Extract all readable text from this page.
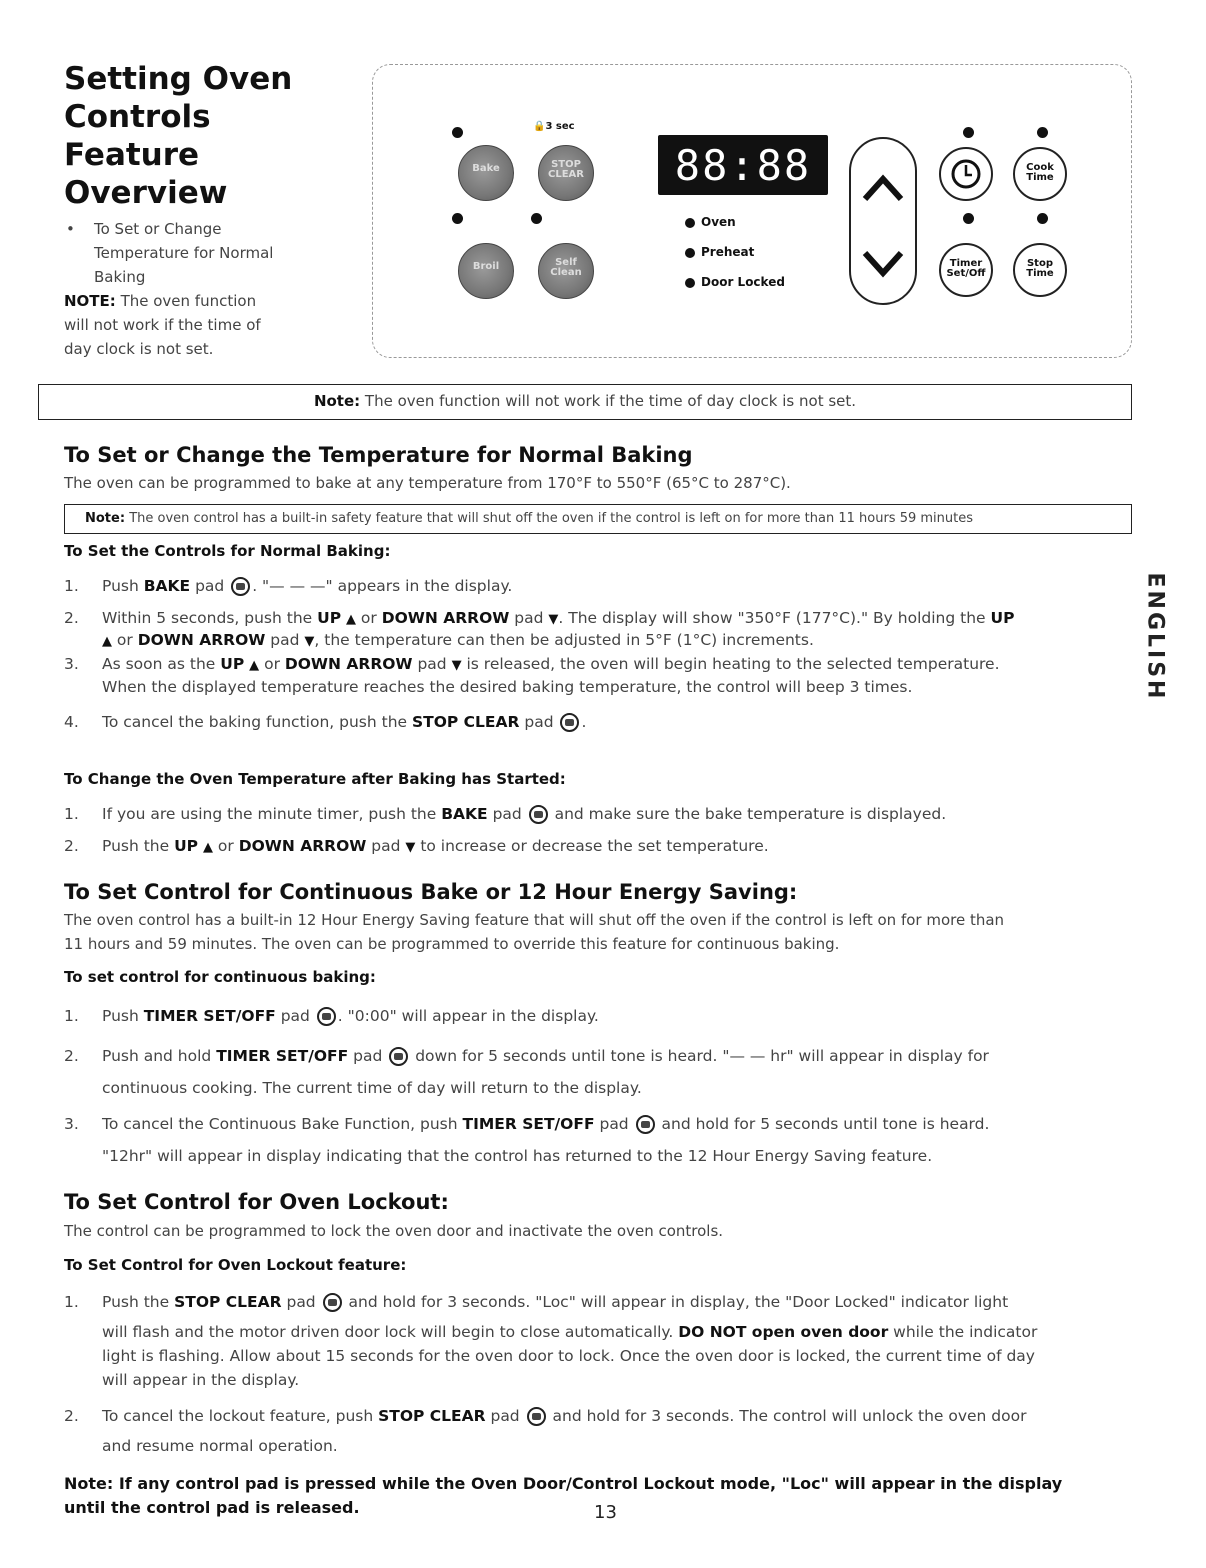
Setting Oven
Controls
Feature
Overview
• To Set or Change
Temperature for Normal
Baking
NOTE: The oven function
will not work if the time of
day clock is not set.
🔒3 sec
Bake	STOP CLEAR
Broil	Self Clean
88:88
Oven
Preheat
Door Locked
Cook Time
Timer Set/Off
Stop Time
Note: The oven function will not work if the time of day clock is not set.
To Set or Change the Temperature for Normal Baking
The oven can be programmed to bake at any temperature from 170°F to 550°F (65°C to 287°C).
Note: The oven control has a built-in safety feature that will shut off the oven if the control is left on for more than 11 hours 59 minutes
To Set the Controls for Normal Baking:
1. Push BAKE pad . "— — —" appears in the display.
2. Within 5 seconds, push the UP ▲ or DOWN ARROW pad ▼. The display will show "350°F (177°C)." By holding the UP
▲ or DOWN ARROW pad ▼, the temperature can then be adjusted in 5°F (1°C) increments.
3. As soon as the UP ▲ or DOWN ARROW pad ▼ is released, the oven will begin heating to the selected temperature.
When the displayed temperature reaches the desired baking temperature, the control will beep 3 times.
4. To cancel the baking function, push the STOP CLEAR pad .
To Change the Oven Temperature after Baking has Started:
1. If you are using the minute timer, push the BAKE pad  and make sure the bake temperature is displayed.
2. Push the UP ▲ or DOWN ARROW pad ▼ to increase or decrease the set temperature.
To Set Control for Continuous Bake or 12 Hour Energy Saving:
The oven control has a built-in 12 Hour Energy Saving feature that will shut off the oven if the control is left on for more than
11 hours and 59 minutes. The oven can be programmed to override this feature for continuous baking.
To set control for continuous baking:
1. Push TIMER SET/OFF pad . "0:00" will appear in the display.
2. Push and hold TIMER SET/OFF pad  down for 5 seconds until tone is heard. "— — hr" will appear in display for
continuous cooking. The current time of day will return to the display.
3. To cancel the Continuous Bake Function, push TIMER SET/OFF pad  and hold for 5 seconds until tone is heard.
"12hr" will appear in display indicating that the control has returned to the 12 Hour Energy Saving feature.
To Set Control for Oven Lockout:
The control can be programmed to lock the oven door and inactivate the oven controls.
To Set Control for Oven Lockout feature:
1. Push the STOP CLEAR pad  and hold for 3 seconds. "Loc" will appear in display, the "Door Locked" indicator light
will flash and the motor driven door lock will begin to close automatically. DO NOT open oven door while the indicator
light is flashing. Allow about 15 seconds for the oven door to lock. Once the oven door is locked, the current time of day
will appear in the display.
2. To cancel the lockout feature, push STOP CLEAR pad  and hold for 3 seconds. The control will unlock the oven door
and resume normal operation.
Note: If any control pad is pressed while the Oven Door/Control Lockout mode, "Loc" will appear in the display
until the control pad is released.	13
ENGLISH
